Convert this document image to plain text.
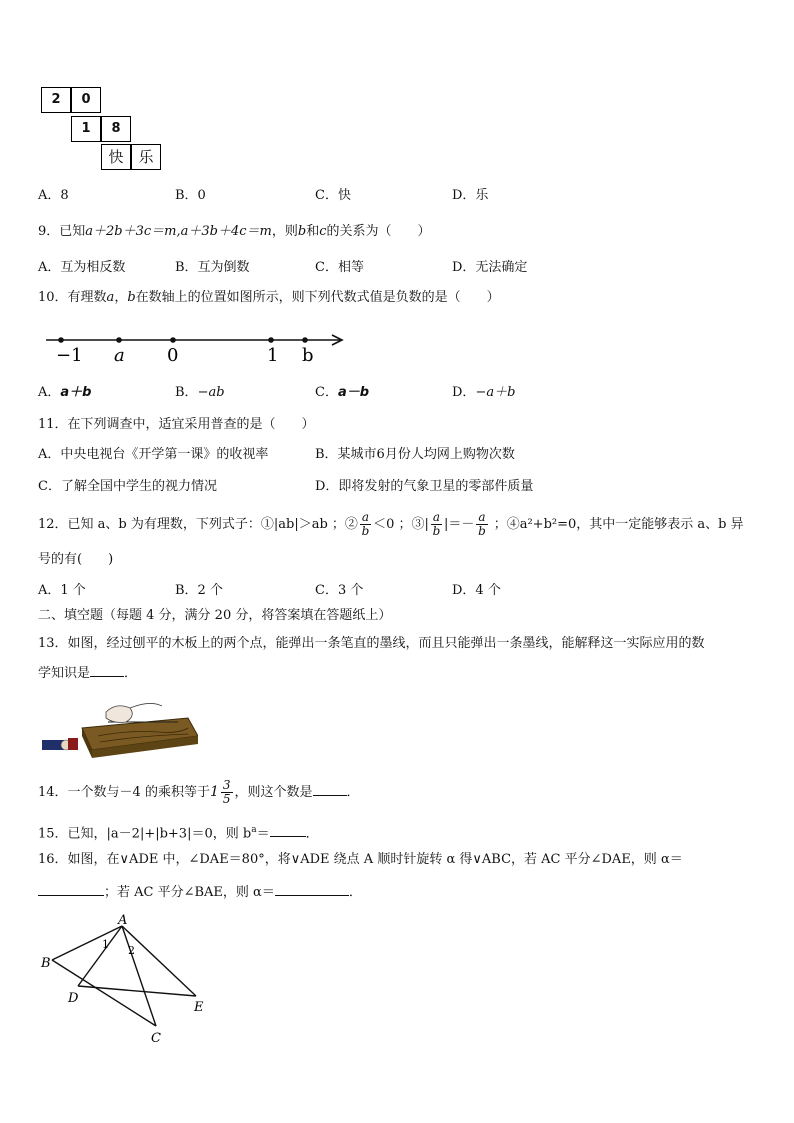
2	0
1	8
快 乐
A．8	B．0	C．快	D．乐
9．已知a＋2b＋3c＝m,a＋3b＋4c＝m，则b和c的关系为（　　）
A．互为相反数	B．互为倒数	C．相等	D．无法确定
10．有理数a，b在数轴上的位置如图所示，则下列代数式值是负数的是（　　）
−1 a 0	1 b
A．a＋b	B．−ab	C．a－b	D．−a＋b
11．在下列调查中，适宜采用普查的是（　　）
A．中央电视台《开学第一课》的收视率	B．某城市6月份人均网上购物次数
C．了解全国中学生的视力情况	D．即将发射的气象卫星的零部件质量
12．已知 a、b 为有理数，下列式子：①|ab|＞ab ；② $\frac{a}{b} <0$ ；③| $\frac{a}{b}$ |＝－ $\frac{a}{b}$ ；④a²+b²=0，其中一定能够表示 a、b 异
号的有(　　)
A．1 个	B．2 个	C．3 个	D．4 个
二、填空题（每题 4 分，满分 20 分，将答案填在答题纸上）
13．如图，经过刨平的木板上的两个点，能弹出一条笔直的墨线，而且只能弹出一条墨线，能解释这一实际应用的数
学知识是	．
14．一个数与－4 的乘积等于$1 \frac{3}{5}$ ，则这个数是	．
15．已知，|a－2|+|b+3|＝0，则 $b^a=$	．
16．如图，在∨ADE 中，∠DAE＝80°，将∨ADE 绕点 A 顺时针旋转 α 得∨ABC，若 AC 平分∠DAE，则 α＝
；若 AC 平分∠BAE，则 α＝	．
A
B
C
D
E
1 2
